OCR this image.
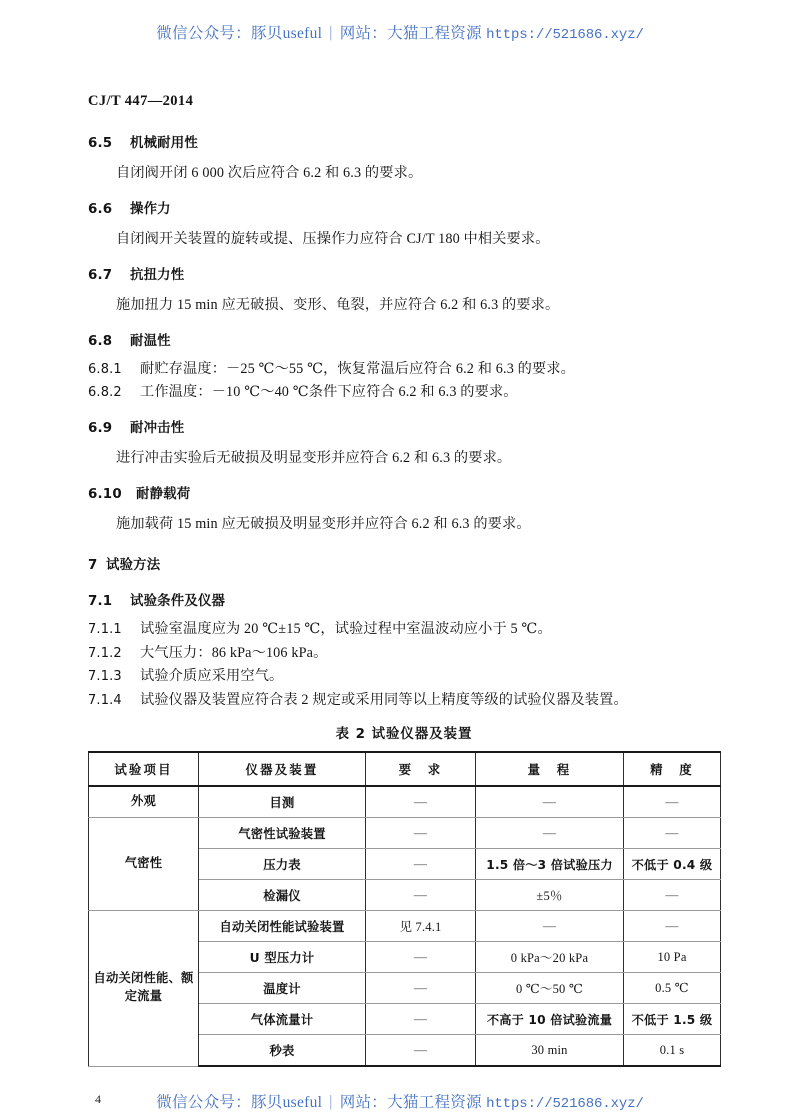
微信公众号：豚贝useful | 网站：大猫工程资源 https://521686.xyz/
CJ/T 447—2014
6.5 机械耐用性
自闭阀开闭 6 000 次后应符合 6.2 和 6.3 的要求。
6.6 操作力
自闭阀开关装置的旋转或提、压操作力应符合 CJ/T 180 中相关要求。
6.7 抗扭力性
施加扭力 15 min 应无破损、变形、龟裂，并应符合 6.2 和 6.3 的要求。
6.8 耐温性
6.8.1 耐贮存温度：－25 ℃～55 ℃，恢复常温后应符合 6.2 和 6.3 的要求。
6.8.2 工作温度：－10 ℃～40 ℃条件下应符合 6.2 和 6.3 的要求。
6.9 耐冲击性
进行冲击实验后无破损及明显变形并应符合 6.2 和 6.3 的要求。
6.10 耐静载荷
施加载荷 15 min 应无破损及明显变形并应符合 6.2 和 6.3 的要求。
7 试验方法
7.1 试验条件及仪器
7.1.1 试验室温度应为 20 ℃±15 ℃，试验过程中室温波动应小于 5 ℃。
7.1.2 大气压力：86 kPa～106 kPa。
7.1.3 试验介质应采用空气。
7.1.4 试验仪器及装置应符合表 2 规定或采用同等以上精度等级的试验仪器及装置。
表 2 试验仪器及装置
试验项目	仪器及装置	要　求	量　程	精　度
外观	目测	—	—	—
气密性	气密性试验装置	—	—	—
	压力表	—	1.5 倍～3 倍试验压力	不低于 0.4 级
	检漏仪	—	±5％	—
自动关闭性能、额定流量	自动关闭性能试验装置	见 7.4.1	—	—
	U 型压力计	—	0 kPa～20 kPa	10 Pa
	温度计	—	0 ℃～50 ℃	0.5 ℃
	气体流量计	—	不高于 10 倍试验流量	不低于 1.5 级
	秒表	—	30 min	0.1 s
4	微信公众号：豚贝useful | 网站：大猫工程资源 https://521686.xyz/
